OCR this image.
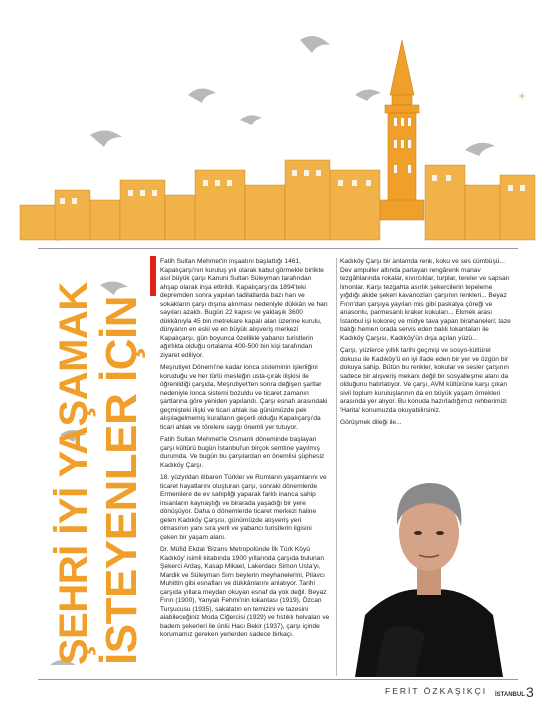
ŞEHRİ İYİ YAŞAMAK İSTEYENLER İÇİN

Fatih Sultan Mehmet'in inşaatını başlattığı 1461, Kapalıçarşı'nın kuruluş yılı olarak kabul görmekle birlikte asıl büyük çarşı Kanuni Sultan Süleyman tarafından ahşap olarak inşa ettirildi. Kapalıçarşı'da 1894'teki depremden sonra yapılan tadilatlarda bazı han ve sokakların çarşı dışına alınması nedeniyle dükkân ve han sayıları azaldı. Bugün 22 kapısı ve yaklaşık 3600 dükkânıyla 45 bin metrekare kapalı alan üzerine kurulu, dünyanın en eski ve en büyük alışveriş merkezi Kapalıçarşı, gün boyunca özellikle yabancı turistlerin ağırlıkta olduğu ortalama 400-500 bin kişi tarafından ziyaret ediliyor.

Meşrutiyet Dönemi'ne kadar lonca sisteminin işlerliğini koruduğu ve her türlü mesleğin usta-çırak ilişkisi ile öğrenildiği çarşıda, Meşrutiyet'ten sonra değişen şartlar nedeniyle lonca sistemi bozuldu ve ticaret zamanın şartlarına göre yeniden yapılandı. Çarşı esnafı arasındaki geçmişteki ilişki ve ticari ahlak ise günümüzde pek alışılagelmemiş kuralların geçerli olduğu Kapalıçarşı'da ticari ahlak ve törelere saygı önemli yer tutuyor.

Fatih Sultan Mehmet'le Osmanlı döneminde başlayan çarşı kültürü bugün İstanbul'un birçok semtine yayılmış durumda. Ve bugün bu çarşılardan en önemlisi şüphesiz Kadıköy Çarşı.

18. yüzyıldan itibaren Türkler ve Rumların yaşamlarını ve ticaret hayatlarını oluşturan çarşı, sonraki dönemlerde Ermenilere de ev sahipliği yaparak farklı inanca sahip insanların kaynaştığı ve birarada yaşadığı bir yere dönüşüyor. Daha o dönemlerde ticaret merkezi haline gelen Kadıköy Çarşısı, günümüzde alışveriş yeri olmasının yanı sıra yerli ve yabancı turistlerin ilgisini çeken bir yaşam alanı.

Dr. Müfid Ekdal 'Bizans Metropolünde İlk Türk Köyü Kadıköy' isimli kitabında 1900 yıllarında çarşıda bulunan Şekerci Ardaş, Kasap Mikael, Lakerdacı Simon Usta'yı, Mardik ve Süleyman Sırrı beylerin meyhanelerini, Pilavcı Muhittin gibi esnafları ve dükkânlarını anlatıyor. Tarihi çarşıda yıllara meydan okuyan esnaf da yok değil. Beyaz Fırın (1900), Yanyalı Fehmi'nin lokantası (1919), Özcan Turşucusu (1935), sakatatın en temizini ve tazesini alabileceğiniz Moda Ciğercisi (1929) ve fıstıklı helvaları ve badem şekerleri ile ünlü Hacı Bekir (1937), çarşı içinde korumamız gereken yerlerden sadece birkaçı.

Kadıköy Çarşı bir anlamda renk, koku ve ses cümbüşü... Dev ampuller altında parlayan rengârenk manav tezgâhlarında rokalar, kıvırcıklar, turplar, tereler ve sapsarı limonlar. Karşı tezgahta asırlık şekercilerin tepeleme yığdığı akide şekeri kavanozları çarşının renkleri... Beyaz Fırın'dan çarşıya yayılan mis gibi paskalya çöreği ve anasonlu, parmesanlı kraker kokuları... Ekmek arası İstanbul işi kokoreç ve midye tava yapan birahaneleri; taze balığı hemen orada servis eden balık lokantaları ile Kadıköy Çarşısı, Kadıköy'ün dışa açılan yüzü...

Çarşı, yüzlerce yıllık tarihi geçmişi ve sosyo-kültürel dokusu ile Kadıköy'ü en iyi ifade eden bir yer ve özgün bir dokuya sahip. Bütün bu renkler, kokular ve sesler çarşının sadece bir alışveriş mekanı değil bir sosyalleşme alanı da olduğunu hatırlatıyor. Ve çarşı, AVM kültürüne karşı çıkan sivil toplum kuruluşlarının da en büyük yaşam örnekleri arasında yer alıyor. Bu konuda hazırladığımız rehberimizi 'Harita' konumuzda okuyabilirsiniz.

Görüşmek dileği ile...

FERİT ÖZKAŞIKÇI İSTANBUL 3
